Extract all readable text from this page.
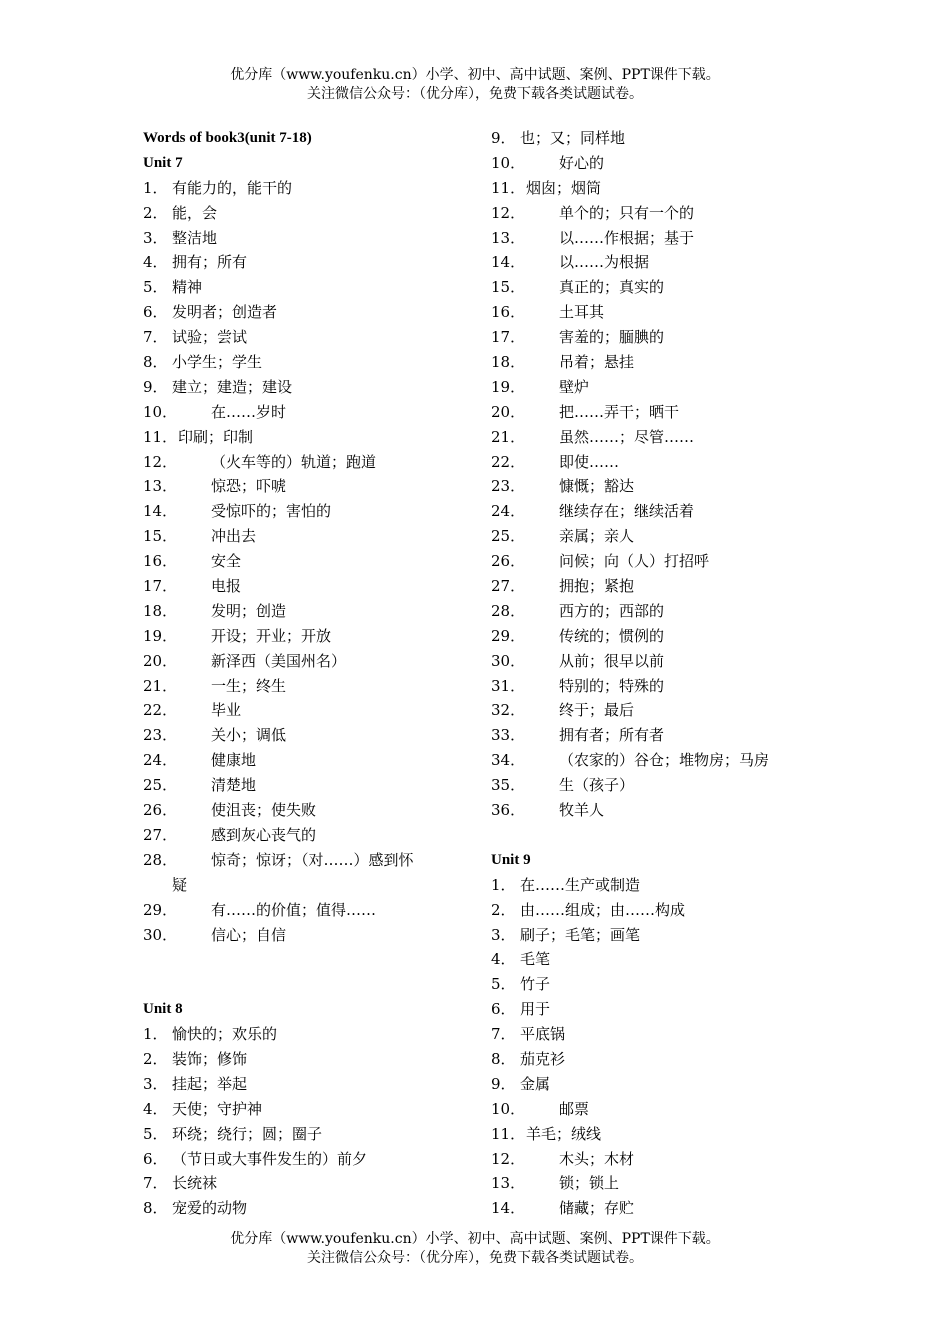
优分库（www.youfenku.cn）小学、初中、高中试题、案例、PPT课件下载。
关注微信公众号：（优分库），免费下载各类试题试卷。
Words of book3(unit 7-18)
Unit 7
1． 有能力的，能干的
2． 能，会
3． 整洁地
4． 拥有；所有
5． 精神
6． 发明者；创造者
7． 试验；尝试
8． 小学生；学生
9． 建立；建造；建设
10． 在……岁时
11．印刷；印制
12． （火车等的）轨道；跑道
13． 惊恐；吓唬
14． 受惊吓的；害怕的
15． 冲出去
16． 安全
17． 电报
18． 发明；创造
19． 开设；开业；开放
20． 新泽西（美国州名）
21． 一生；终生
22． 毕业
23． 关小；调低
24． 健康地
25． 清楚地
26． 使沮丧；使失败
27． 感到灰心丧气的
28． 惊奇；惊讶；（对……）感到怀
疑
29． 有……的价值；值得……
30． 信心；自信
Unit 8
1． 愉快的；欢乐的
2． 装饰；修饰
3． 挂起；举起
4． 天使；守护神
5． 环绕；绕行；圆；圈子
6． （节日或大事件发生的）前夕
7． 长统袜
8． 宠爱的动物
9． 也；又；同样地
10． 好心的
11．烟囱；烟筒
12． 单个的；只有一个的
13． 以……作根据；基于
14． 以……为根据
15． 真正的；真实的
16． 土耳其
17． 害羞的；腼腆的
18． 吊着；悬挂
19． 壁炉
20． 把……弄干；晒干
21． 虽然……；尽管……
22． 即使……
23． 慷慨；豁达
24． 继续存在；继续活着
25． 亲属；亲人
26． 问候；向（人）打招呼
27． 拥抱；紧抱
28． 西方的；西部的
29． 传统的；惯例的
30． 从前；很早以前
31． 特别的；特殊的
32． 终于；最后
33． 拥有者；所有者
34． （农家的）谷仓；堆物房；马房
35． 生（孩子）
36． 牧羊人
Unit 9
1． 在……生产或制造
2． 由……组成；由……构成
3． 刷子；毛笔；画笔
4． 毛笔
5． 竹子
6． 用于
7． 平底锅
8． 茄克衫
9． 金属
10． 邮票
11．羊毛；绒线
12． 木头；木材
13． 锁；锁上
14． 储藏；存贮
优分库（www.youfenku.cn）小学、初中、高中试题、案例、PPT课件下载。
关注微信公众号：（优分库），免费下载各类试题试卷。
